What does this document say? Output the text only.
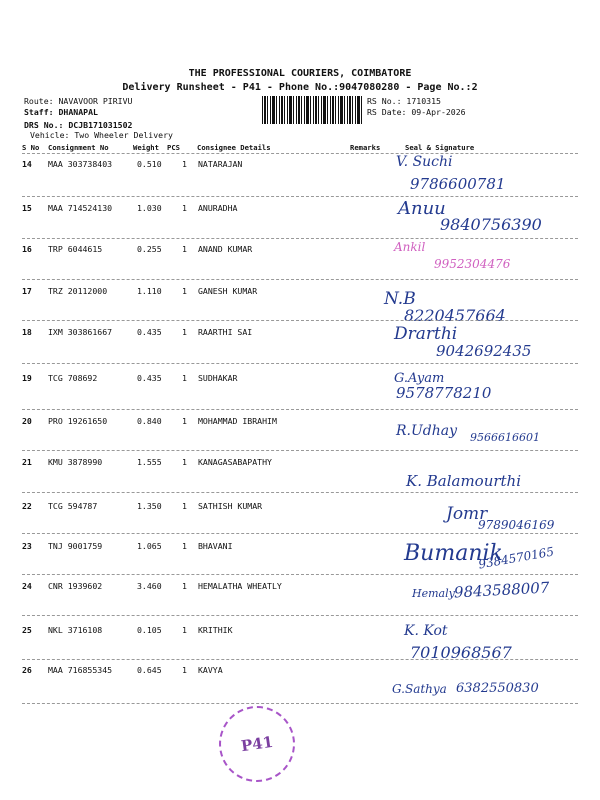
THE PROFESSIONAL COURIERS, COIMBATORE
Delivery Runsheet - P41 - Phone No.:9047080280 - Page No.:2
Route: NAVAVOOR PIRIVU
Staff: DHANAPAL
DRS No.: DCJB171031502
Vehicle: Two Wheeler Delivery
RS No.: 1710315
RS Date: 09-Apr-2026
S No Consignment No	Weight PCS Consignee Details	Remarks	Seal & Signature
14 MAA 303738403	0.510 1 NATARAJAN	V. Suchi
9786600781
15 MAA 714524130	1.030 1 ANURADHA	Anuu
9840756390
16 TRP 6044615	0.255 1 ANAND KUMAR	Ankil
9952304476
17 TRZ 20112000	1.110 1 GANESH KUMAR	N.B
8220457664
18 IXM 303861667	0.435 1 RAARTHI SAI	Drarthi
9042692435
19 TCG 708692	0.435 1 SUDHAKAR	G.Ayam
9578778210
20 PRO 19261650	0.840 1 MOHAMMAD IBRAHIM
R.Udhay 9566616601
21 KMU 3878990	1.555 1 KANAGASABAPATHY
K. Balamourthi
22 TCG 594787	1.350 1 SATHISH KUMAR	Jomr
9789046169
23 TNJ 9001759	1.065 1 BHAVANI	Bumanik
9384570165
24 CNR 1939602	3.460 1 HEMALATHA WHEATLY
Hemaly
9843588007
25 NKL 3716108	0.105 1 KRITHIK	K. Kot
7010968567
26 MAA 716855345	0.645 1 KAVYA
G.Sathya 6382550830
P41
